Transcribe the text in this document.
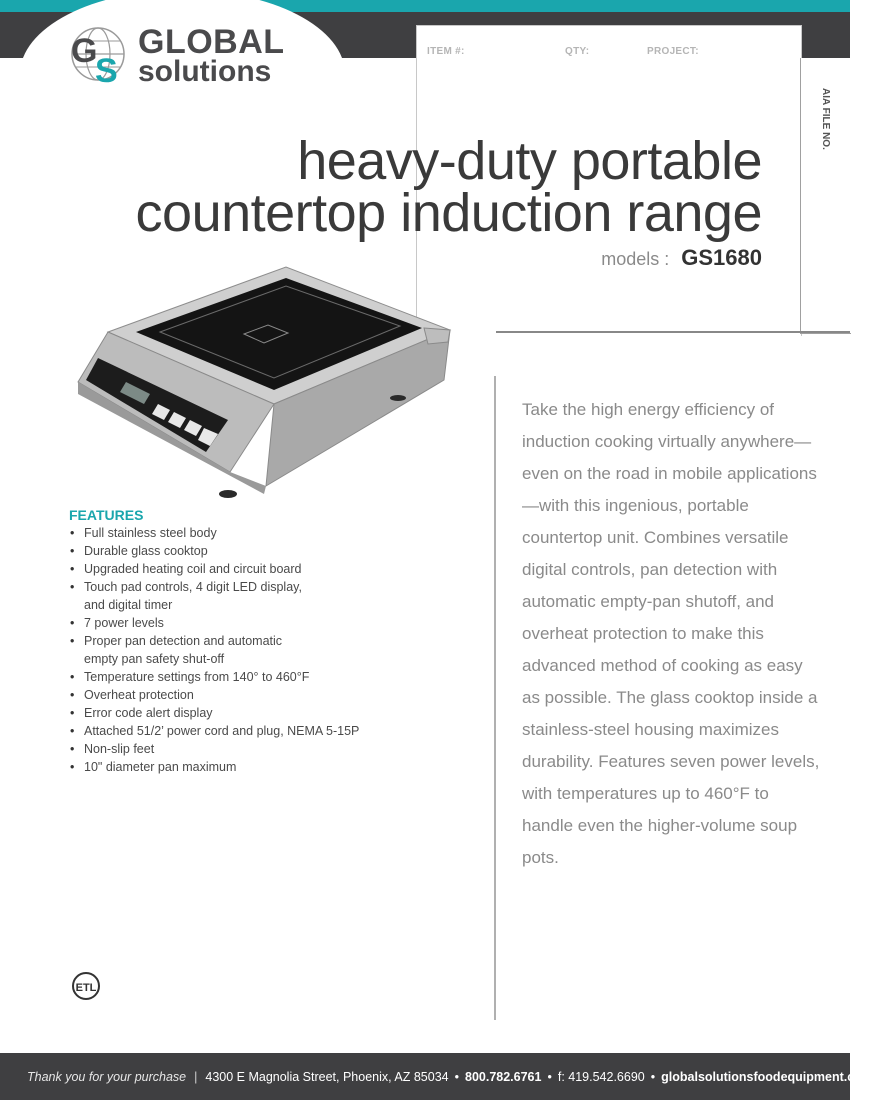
G
S
GLOBAL
solutions
ITEM #:	QTY:	PROJECT:
AIA FILE NO.
heavy-duty portable
countertop induction range
models : GS1680
FEATURES
• Full stainless steel body
• Durable glass cooktop
• Upgraded heating coil and circuit board
• Touch pad controls, 4 digit LED display,
and digital timer
• 7 power levels
• Proper pan detection and automatic
empty pan safety shut-off
• Temperature settings from 140° to 460°F
• Overheat protection
• Error code alert display
• Attached 51/2’ power cord and plug, NEMA 5-15P
• Non-slip feet
• 10" diameter pan maximum
Take the high energy efficiency of induction cooking virtually anywhere—even on the road in mobile applications—with this ingenious, portable countertop unit. Combines versatile digital controls, pan detection with automatic empty-pan shutoff, and overheat protection to make this advanced method of cooking as easy as possible. The glass cooktop inside a stainless-steel housing maximizes durability. Features seven power levels, with temperatures up to 460°F to handle even the higher-volume soup pots.
ETL
Thank you for your purchase | 4300 E Magnolia Street, Phoenix, AZ 85034 • 800.782.6761 • f: 419.542.6690 • globalsolutionsfoodequipment.com
